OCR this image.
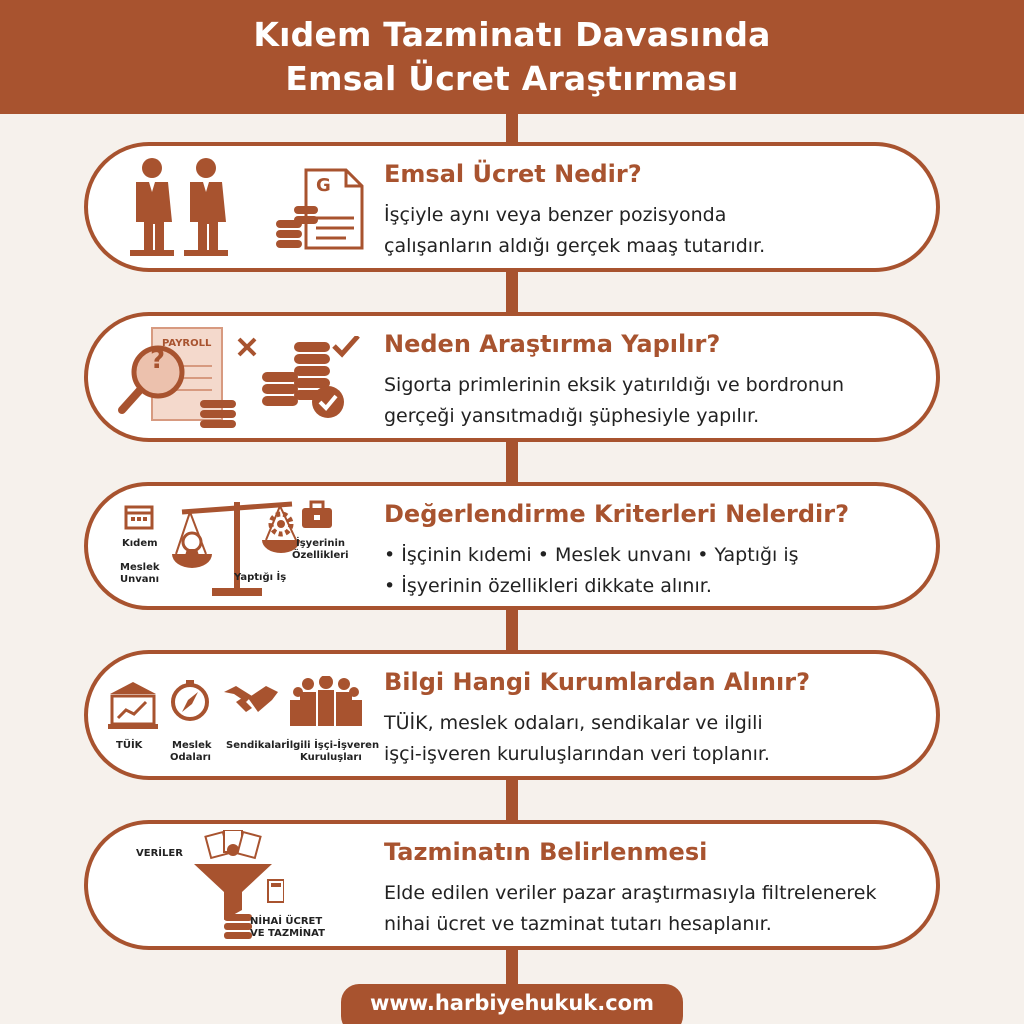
Kıdem Tazminatı Davasında
Emsal Ücret Araştırması
G Emsal Ücret Nedir?
İşçiyle aynı veya benzer pozisyonda
çalışanların aldığı gerçek maaş tutarıdır.
PAYROLL
?
Neden Araştırma Yapılır?
Sigorta primlerinin eksik yatırıldığı ve bordronun
gerçeği yansıtmadığı şüphesiyle yapılır.
Kıdem
Meslek
Unvanı	Yaptığı İş
İşyerinin
Özellikleri
Değerlendirme Kriterleri Nelerdir?
• İşçinin kıdemi • Meslek unvanı • Yaptığı iş
• İşyerinin özellikleri dikkate alınır.
TÜİK	Meslek
Odaları
Sendikalar İlgili İşçi-İşveren
Kuruluşları
Bilgi Hangi Kurumlardan Alınır?
TÜİK, meslek odaları, sendikalar ve ilgili
işçi-işveren kuruluşlarından veri toplanır.
VERİLER
NİHAİ ÜCRET
VE TAZMİNAT
Tazminatın Belirlenmesi
Elde edilen veriler pazar araştırmasıyla filtrelenerek
nihai ücret ve tazminat tutarı hesaplanır.
www.harbiyehukuk.com
